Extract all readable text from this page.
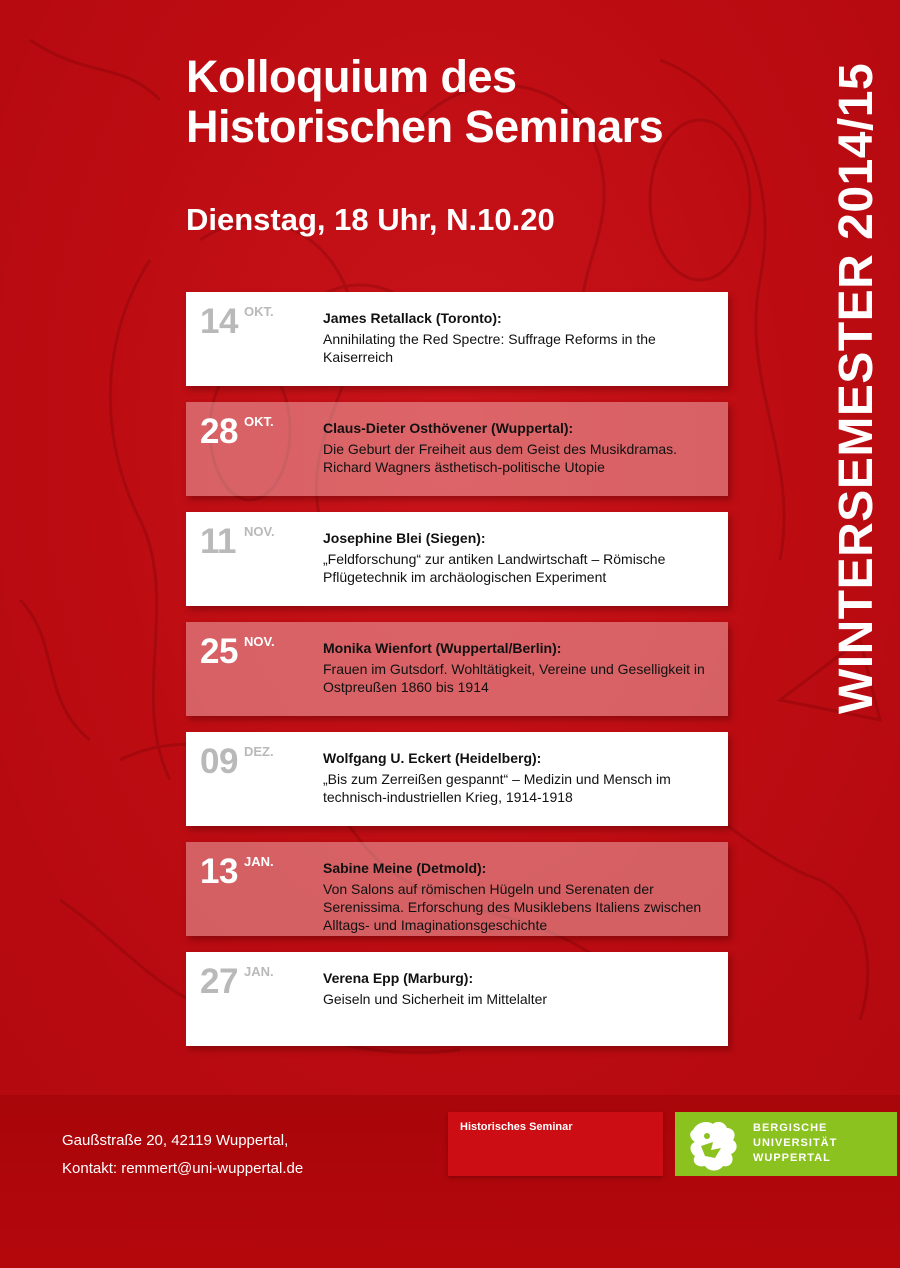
Kolloquium des
Historischen Seminars
Dienstag, 18 Uhr, N.10.20	WINTERSEMESTER 2014/15
14 OKT.	James Retallack (Toronto):

Annihilating the Red Spectre: Suffrage Reforms in the Kaiserreich

28 OKT.	Claus-Dieter Osthövener (Wuppertal):

Die Geburt der Freiheit aus dem Geist des Musikdramas. Richard Wagners ästhetisch-politische Utopie

11 NOV.	Josephine Blei (Siegen):

„Feldforschung“ zur antiken Landwirtschaft – Römische Pflügetechnik im archäologischen Experiment

25 NOV.	Monika Wienfort (Wuppertal/Berlin):

Frauen im Gutsdorf. Wohltätigkeit, Vereine und Geselligkeit in Ostpreußen 1860 bis 1914

09 DEZ.	Wolfgang U. Eckert (Heidelberg):

„Bis zum Zerreißen gespannt“ – Medizin und Mensch im technisch-industriellen Krieg, 1914-1918

13 JAN.	Sabine Meine (Detmold):

Von Salons auf römischen Hügeln und Serenaten der Serenissima. Erforschung des Musiklebens Italiens zwischen Alltags- und Imaginationsgeschichte

27 JAN.	Verena Epp (Marburg):

Geiseln und Sicherheit im Mittelalter

Gaußstraße 20, 42119 Wuppertal,
Kontakt: remmert@uni-wuppertal.de
Historisches Seminar	BERGISCHE
UNIVERSITÄT
WUPPERTAL
